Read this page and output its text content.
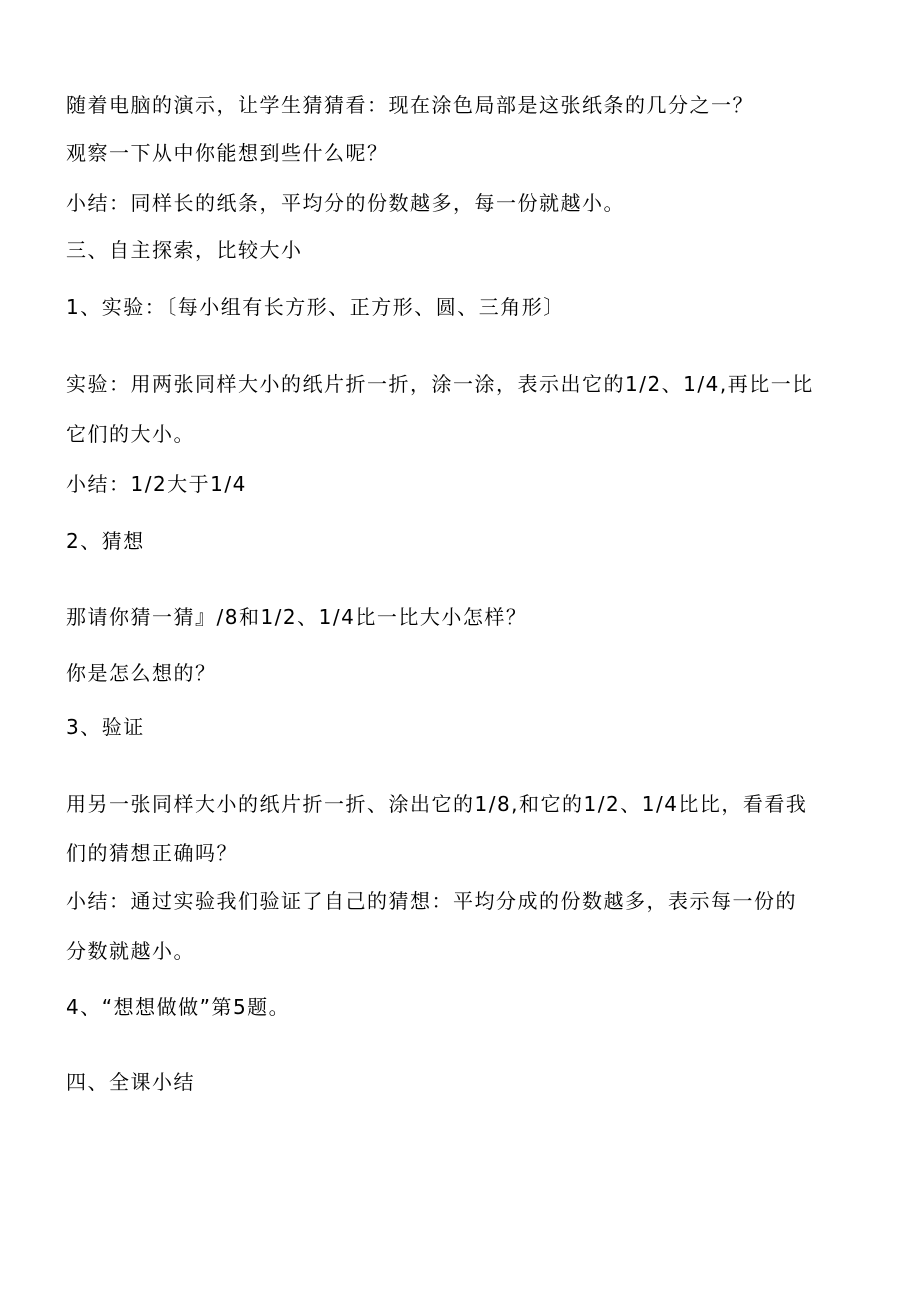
随着电脑的演示，让学生猜猜看：现在涂色局部是这张纸条的几分之一？

观察一下从中你能想到些什么呢？

小结：同样长的纸条，平均分的份数越多，每一份就越小。

三、自主探索，比较大小

1、实验：〔每小组有长方形、正方形、圆、三角形〕

实验：用两张同样大小的纸片折一折，涂一涂，表示出它的1/2、1/4,再比一比

它们的大小。

小结：1/2大于1/4

2、猜想

那请你猜一猜』/8和1/2、1/4比一比大小怎样？

你是怎么想的？

3、验证

用另一张同样大小的纸片折一折、涂出它的1/8,和它的1/2、1/4比比，看看我

们的猜想正确吗？

小结：通过实验我们验证了自己的猜想：平均分成的份数越多，表示每一份的

分数就越小。

4、“想想做做”第5题。

四、全课小结
